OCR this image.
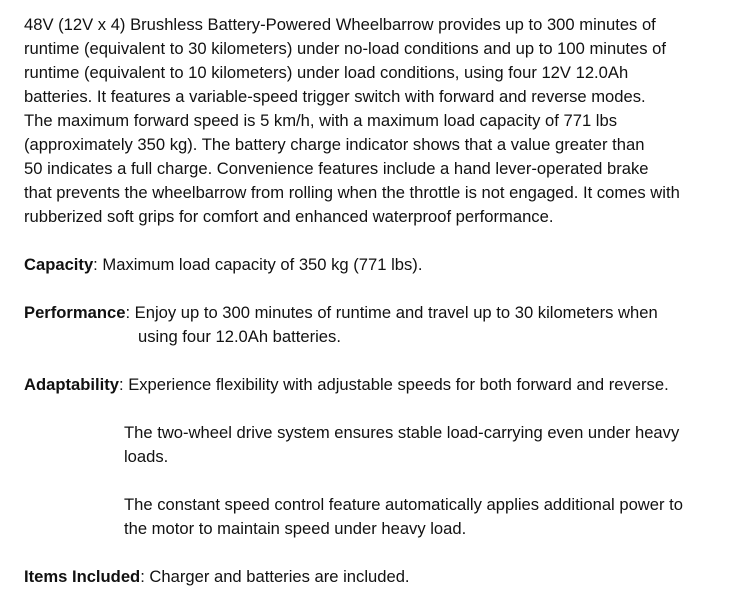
48V (12V x 4) Brushless Battery-Powered Wheelbarrow provides up to 300 minutes of
runtime (equivalent to 30 kilometers) under no-load conditions and up to 100 minutes of
runtime (equivalent to 10 kilometers) under load conditions, using four 12V 12.0Ah
batteries. It features a variable-speed trigger switch with forward and reverse modes.
The maximum forward speed is 5 km/h, with a maximum load capacity of 771 lbs
(approximately 350 kg). The battery charge indicator shows that a value greater than
50 indicates a full charge. Convenience features include a hand lever-operated brake
that prevents the wheelbarrow from rolling when the throttle is not engaged. It comes with
rubberized soft grips for comfort and enhanced waterproof performance.

Capacity: Maximum load capacity of 350 kg (771 lbs).

Performance: Enjoy up to 300 minutes of runtime and travel up to 30 kilometers when
using four 12.0Ah batteries.

Adaptability: Experience flexibility with adjustable speeds for both forward and reverse.

The two-wheel drive system ensures stable load-carrying even under heavy
loads.

The constant speed control feature automatically applies additional power to
the motor to maintain speed under heavy load.

Items Included: Charger and batteries are included.
